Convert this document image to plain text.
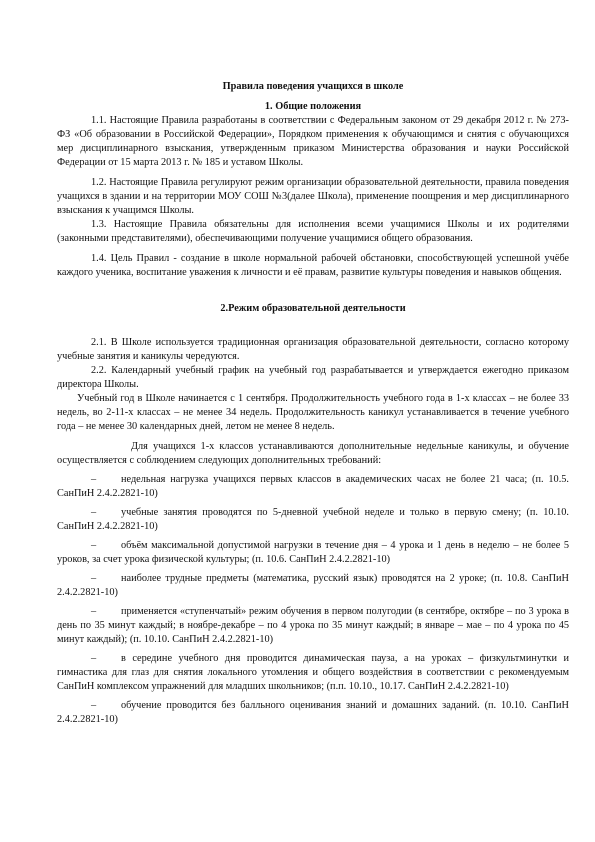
Правила поведения учащихся в школе

1. Общие положения

1.1. Настоящие Правила разработаны в соответствии с Федеральным законом от 29 декабря 2012 г. № 273-ФЗ «Об образовании в Российской Федерации», Порядком применения к обучающимся и снятия с обучающихся мер дисциплинарного взыскания, утвержденным приказом Министерства образования и науки Российской Федерации от 15 марта 2013 г. № 185 и уставом Школы.

1.2. Настоящие Правила регулируют режим организации образовательной деятельности, правила поведения учащихся в здании и на территории МОУ СОШ №3(далее Школа), применение поощрения и мер дисциплинарного взыскания к учащимся Школы.

1.3. Настоящие Правила обязательны для исполнения всеми учащимися Школы и их родителями (законными представителями), обеспечивающими получение учащимися общего образования.

1.4. Цель Правил - создание в школе нормальной рабочей обстановки, способствующей успешной учёбе каждого ученика, воспитание уважения к личности и её правам, развитие культуры поведения и навыков общения.

2.Режим образовательной деятельности

2.1. В Школе используется традиционная организация образовательной деятельности, согласно которому учебные занятия и каникулы чередуются.

2.2. Календарный учебный график на учебный год разрабатывается и утверждается ежегодно приказом директора Школы.

Учебный год в Школе начинается с 1 сентября. Продолжительность учебного года в 1-х классах – не более 33 недель, во 2-11-х классах – не менее 34 недель. Продолжительность каникул устанавливается в течение учебного года – не менее 30 календарных дней, летом не менее 8 недель.

Для учащихся 1-х классов устанавливаются дополнительные недельные каникулы, и обучение осуществляется с соблюдением следующих дополнительных требований:

– недельная нагрузка учащихся первых классов в академических часах не более 21 часа; (п. 10.5. СанПиН 2.4.2.2821-10)

– учебные занятия проводятся по 5-дневной учебной неделе и только в первую смену; (п. 10.10. СанПиН 2.4.2.2821-10)

– объём максимальной допустимой нагрузки в течение дня – 4 урока и 1 день в неделю – не более 5 уроков, за счет урока физической культуры; (п. 10.6. СанПиН 2.4.2.2821-10)

– наиболее трудные предметы (математика, русский язык) проводятся на 2 уроке; (п. 10.8. СанПиН 2.4.2.2821-10)

– применяется «ступенчатый» режим обучения в первом полугодии (в сентябре, октябре – по 3 урока в день по 35 минут каждый; в ноябре-декабре – по 4 урока по 35 минут каждый; в январе – мае – по 4 урока по 45 минут каждый); (п. 10.10. СанПиН 2.4.2.2821-10)

– в середине учебного дня проводится динамическая пауза, а на уроках – физкультминутки и гимнастика для глаз для снятия локального утомления и общего воздействия в соответствии с рекомендуемым СанПиН комплексом упражнений для младших школьников; (п.п. 10.10., 10.17. СанПиН 2.4.2.2821-10)

– обучение проводится без балльного оценивания знаний и домашних заданий. (п. 10.10. СанПиН 2.4.2.2821-10)
